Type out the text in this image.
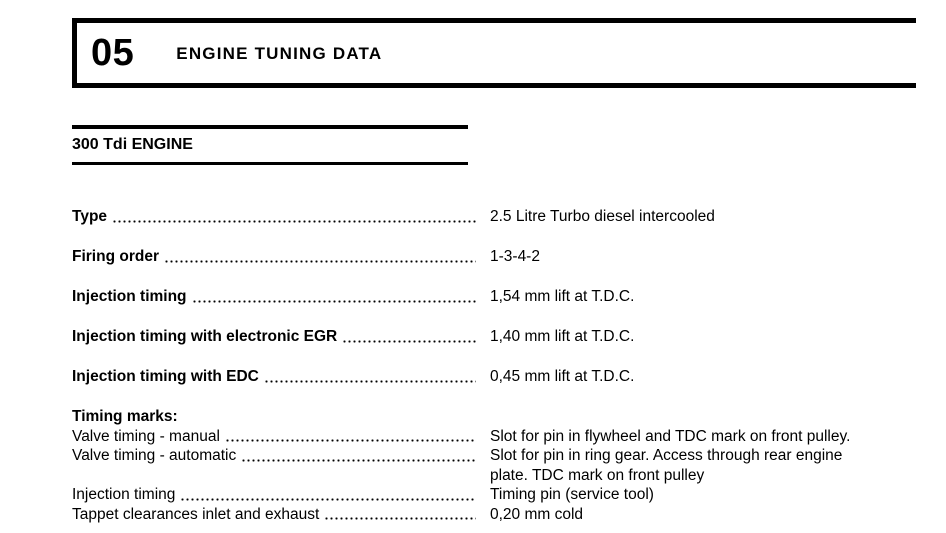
05 ENGINE TUNING DATA
300 Tdi ENGINE
Type	2.5 Litre Turbo diesel intercooled
Firing order	1-3-4-2
Injection timing	1,54 mm lift at T.D.C.
Injection timing with electronic EGR	1,40 mm lift at T.D.C.
Injection timing with EDC	0,45 mm lift at T.D.C.
Timing marks:
Valve timing - manual	Slot for pin in flywheel and TDC mark on front pulley.
Valve timing - automatic	Slot for pin in ring gear. Access through rear engine plate. TDC mark on front pulley
Injection timing	Timing pin (service tool)
Tappet clearances inlet and exhaust	0,20 mm cold
